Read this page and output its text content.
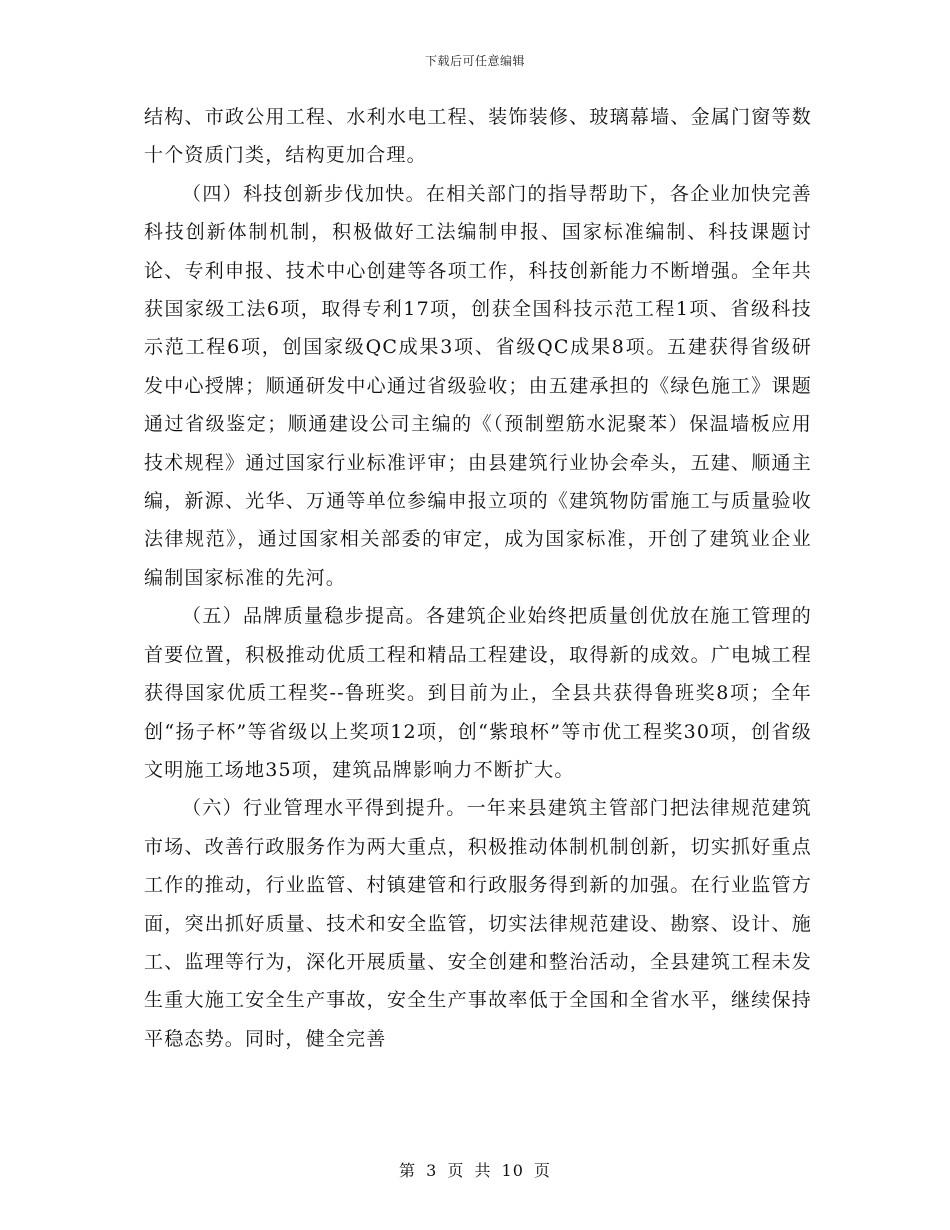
下载后可任意编辑

结构、市政公用工程、水利水电工程、装饰装修、玻璃幕墙、金属门窗等数十个资质门类，结构更加合理。

（四）科技创新步伐加快。在相关部门的指导帮助下，各企业加快完善科技创新体制机制，积极做好工法编制申报、国家标准编制、科技课题讨论、专利申报、技术中心创建等各项工作，科技创新能力不断增强。全年共获国家级工法6项，取得专利17项，创获全国科技示范工程1项、省级科技示范工程6项，创国家级QC成果3项、省级QC成果8项。五建获得省级研发中心授牌；顺通研发中心通过省级验收；由五建承担的《绿色施工》课题通过省级鉴定；顺通建设公司主编的《（预制塑筋水泥聚苯）保温墙板应用技术规程》通过国家行业标准评审；由县建筑行业协会牵头，五建、顺通主编，新源、光华、万通等单位参编申报立项的《建筑物防雷施工与质量验收法律规范》，通过国家相关部委的审定，成为国家标准，开创了建筑业企业编制国家标准的先河。

（五）品牌质量稳步提高。各建筑企业始终把质量创优放在施工管理的首要位置，积极推动优质工程和精品工程建设，取得新的成效。广电城工程获得国家优质工程奖--鲁班奖。到目前为止，全县共获得鲁班奖8项；全年创“扬子杯”等省级以上奖项12项，创“紫琅杯”等市优工程奖30项，创省级文明施工场地35项，建筑品牌影响力不断扩大。

（六）行业管理水平得到提升。一年来县建筑主管部门把法律规范建筑市场、改善行政服务作为两大重点，积极推动体制机制创新，切实抓好重点工作的推动，行业监管、村镇建管和行政服务得到新的加强。在行业监管方面，突出抓好质量、技术和安全监管，切实法律规范建设、勘察、设计、施工、监理等行为，深化开展质量、安全创建和整治活动，全县建筑工程未发生重大施工安全生产事故，安全生产事故率低于全国和全省水平，继续保持平稳态势。同时，健全完善

第 3 页 共 10 页
